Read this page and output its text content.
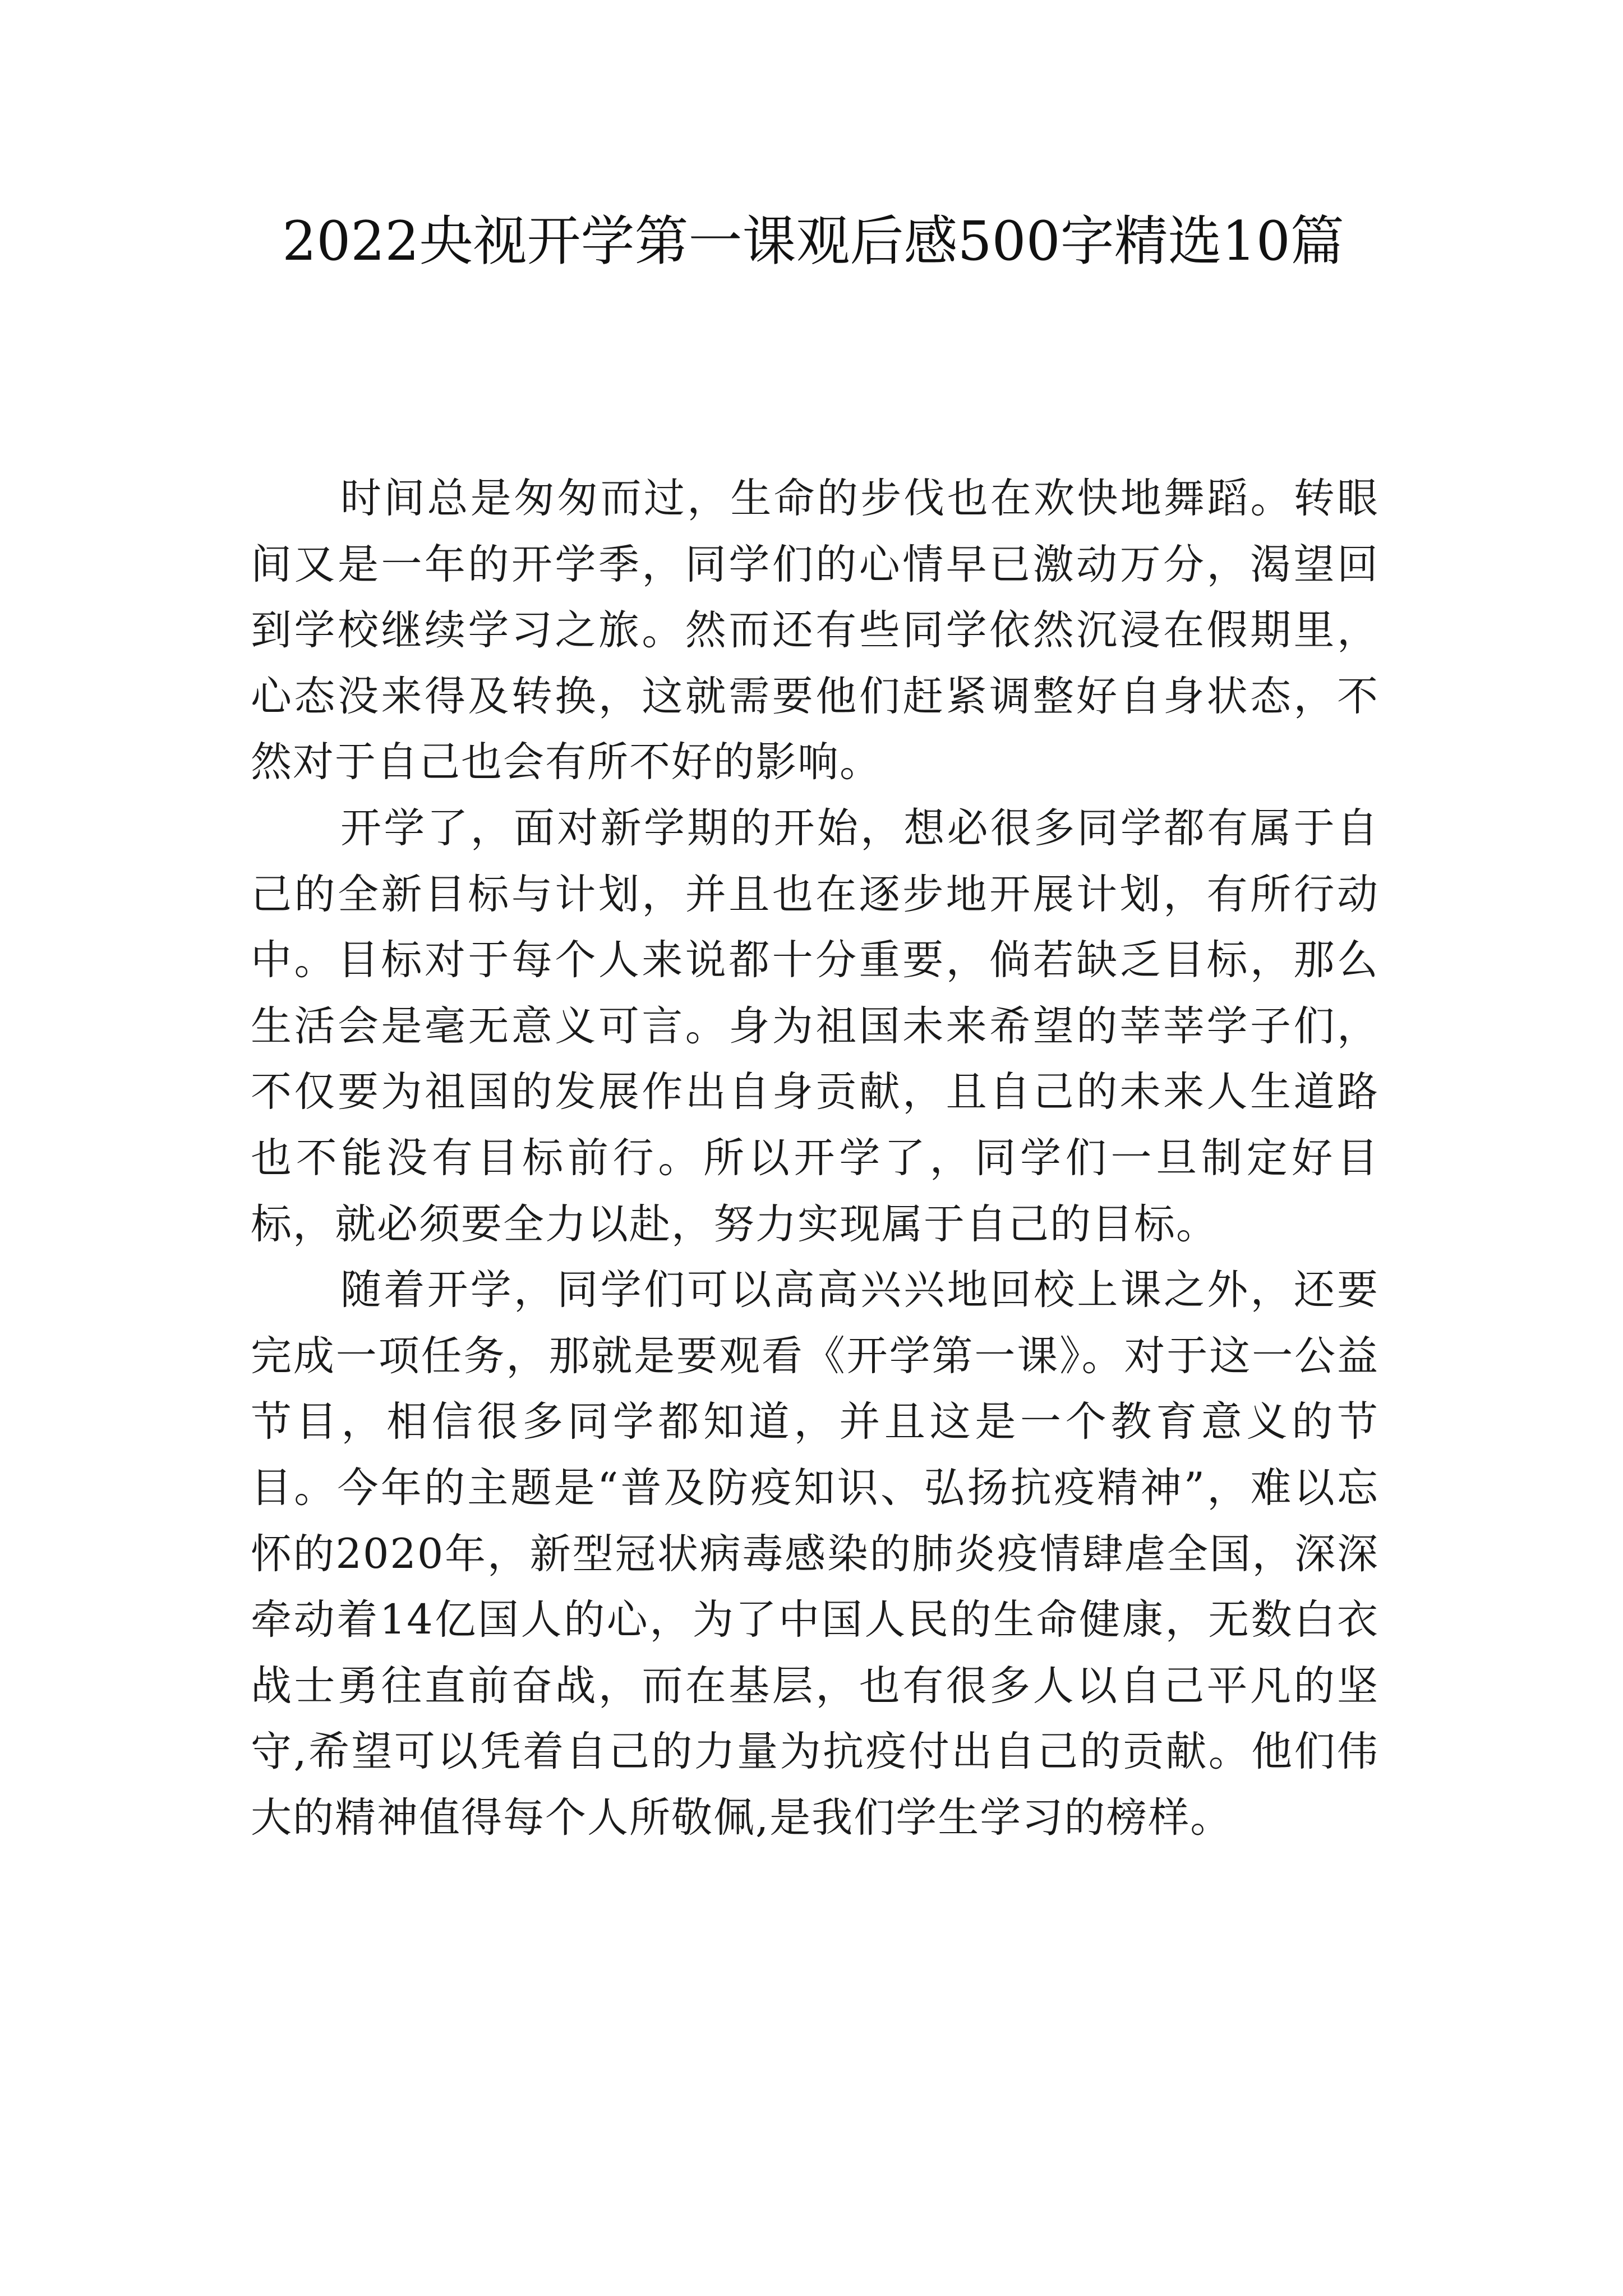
2022央视开学第一课观后感500字精选10篇

时间总是匆匆而过，生命的步伐也在欢快地舞蹈。转眼间又是一年的开学季，同学们的心情早已激动万分，渴望回到学校继续学习之旅。然而还有些同学依然沉浸在假期里，心态没来得及转换，这就需要他们赶紧调整好自身状态，不然对于自己也会有所不好的影响。

开学了，面对新学期的开始，想必很多同学都有属于自己的全新目标与计划，并且也在逐步地开展计划，有所行动中。目标对于每个人来说都十分重要，倘若缺乏目标，那么生活会是毫无意义可言。身为祖国未来希望的莘莘学子们，不仅要为祖国的发展作出自身贡献，且自己的未来人生道路也不能没有目标前行。所以开学了，同学们一旦制定好目标，就必须要全力以赴，努力实现属于自己的目标。

随着开学，同学们可以高高兴兴地回校上课之外，还要完成一项任务，那就是要观看《开学第一课》。对于这一公益节目，相信很多同学都知道，并且这是一个教育意义的节目。今年的主题是“普及防疫知识、弘扬抗疫精神”，难以忘怀的2020年，新型冠状病毒感染的肺炎疫情肆虐全国，深深牵动着14亿国人的心，为了中国人民的生命健康，无数白衣战士勇往直前奋战，而在基层，也有很多人以自己平凡的坚守,希望可以凭着自己的力量为抗疫付出自己的贡献。他们伟大的精神值得每个人所敬佩,是我们学生学习的榜样。
